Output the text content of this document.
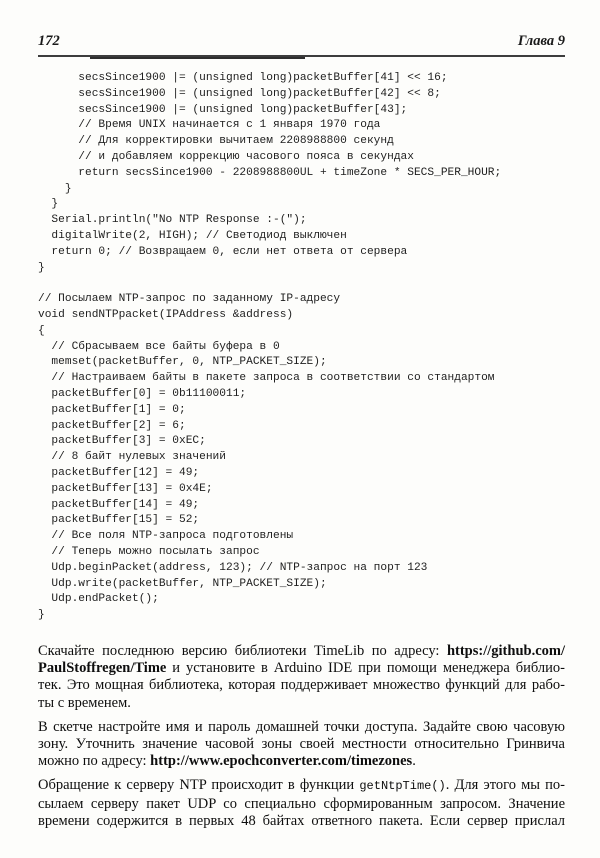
172	Глава 9
secsSince1900 |= (unsigned long)packetBuffer[41] << 16;
secsSince1900 |= (unsigned long)packetBuffer[42] << 8;
secsSince1900 |= (unsigned long)packetBuffer[43];
// Время UNIX начинается с 1 января 1970 года
// Для корректировки вычитаем 2208988800 секунд
// и добавляем коррекцию часового пояса в секундах
return secsSince1900 - 2208988800UL + timeZone * SECS_PER_HOUR;
}
}
Serial.println("No NTP Response :-(");
digitalWrite(2, HIGH); // Светодиод выключен
return 0; // Возвращаем 0, если нет ответа от сервера
}

// Посылаем NTP-запрос по заданному IP-адресу
void sendNTPpacket(IPAddress &address)
{
// Сбрасываем все байты буфера в 0
memset(packetBuffer, 0, NTP_PACKET_SIZE);
// Настраиваем байты в пакете запроса в соответствии со стандартом
packetBuffer[0] = 0b11100011;
packetBuffer[1] = 0;
packetBuffer[2] = 6;
packetBuffer[3] = 0xEC;
// 8 байт нулевых значений
packetBuffer[12] = 49;
packetBuffer[13] = 0x4E;
packetBuffer[14] = 49;
packetBuffer[15] = 52;
// Все поля NTP-запроса подготовлены
// Теперь можно посылать запрос
Udp.beginPacket(address, 123); // NTP-запрос на порт 123
Udp.write(packetBuffer, NTP_PACKET_SIZE);
Udp.endPacket();
}
Скачайте последнюю версию библиотеки TimeLib по адресу: https://github.com/
PaulStoffregen/Time и установите в Arduino IDE при помощи менеджера библио-
тек. Это мощная библиотека, которая поддерживает множество функций для рабо-
ты с временем.
В скетче настройте имя и пароль домашней точки доступа. Задайте свою часовую
зону. Уточнить значение часовой зоны своей местности относительно Гринвича
можно по адресу: http://www.epochconverter.com/timezones.
Обращение к серверу NTP происходит в функции getNtpTime(). Для этого мы по-
сылаем серверу пакет UDP со специально сформированным запросом. Значение
времени содержится в первых 48 байтах ответного пакета. Если сервер прислал
